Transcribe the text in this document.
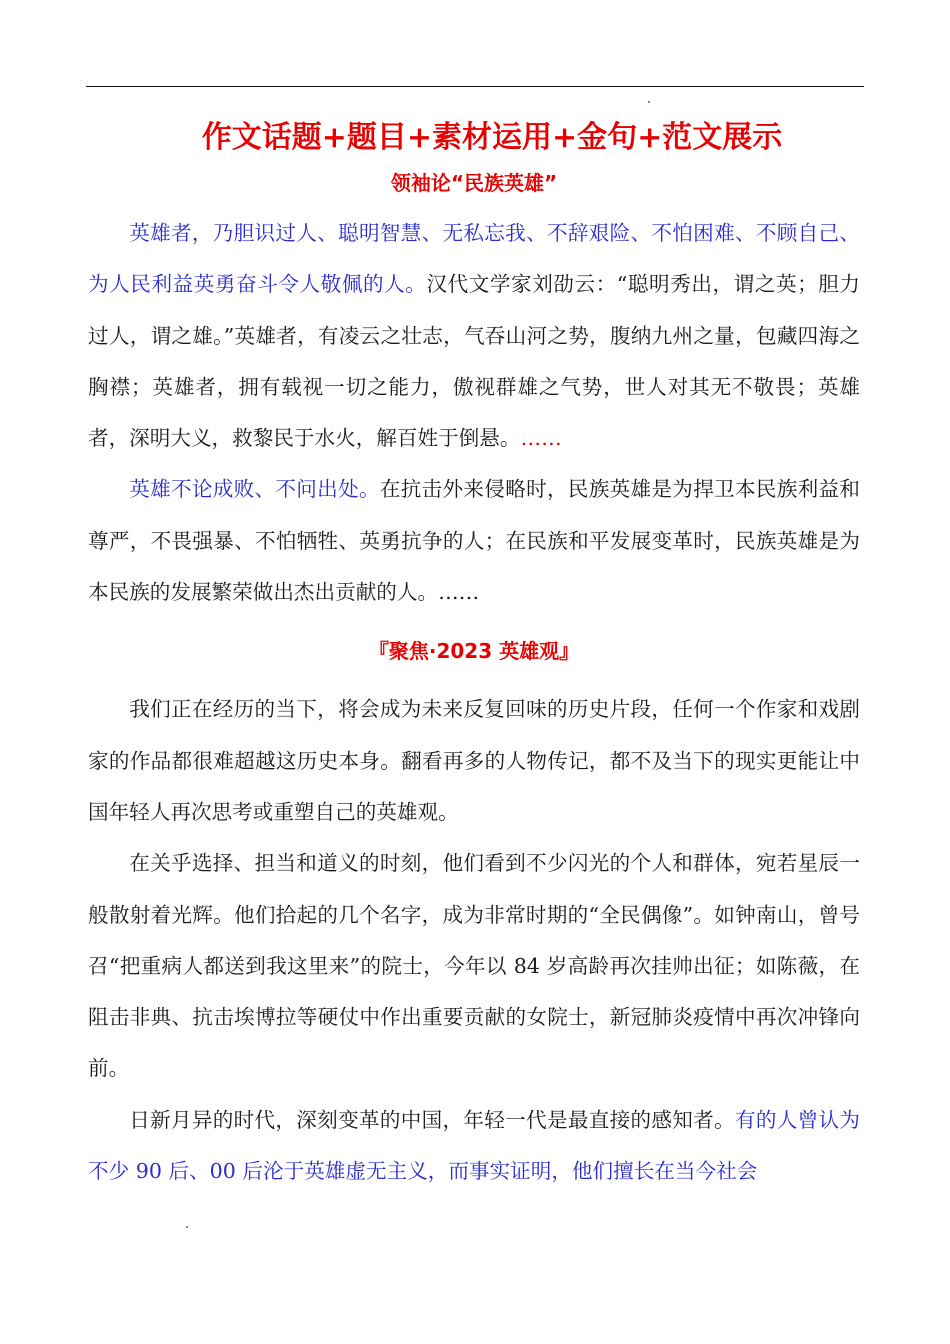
作文话题+题目+素材运用+金句+范文展示
领袖论“民族英雄”

英雄者，乃胆识过人、聪明智慧、无私忘我、不辞艰险、不怕困难、不顾自己、为人民利益英勇奋斗令人敬佩的人。汉代文学家刘劭云：“聪明秀出，谓之英；胆力过人，谓之雄。”英雄者，有凌云之壮志，气吞山河之势，腹纳九州之量，包藏四海之胸襟；英雄者，拥有载视一切之能力，傲视群雄之气势，世人对其无不敬畏；英雄者，深明大义，救黎民于水火，解百姓于倒悬。……

英雄不论成败、不问出处。在抗击外来侵略时，民族英雄是为捍卫本民族利益和尊严，不畏强暴、不怕牺牲、英勇抗争的人；在民族和平发展变革时，民族英雄是为本民族的发展繁荣做出杰出贡献的人。……

『聚焦·2023 英雄观』

我们正在经历的当下，将会成为未来反复回味的历史片段，任何一个作家和戏剧家的作品都很难超越这历史本身。翻看再多的人物传记，都不及当下的现实更能让中国年轻人再次思考或重塑自己的英雄观。

在关乎选择、担当和道义的时刻，他们看到不少闪光的个人和群体，宛若星辰一般散射着光辉。他们拾起的几个名字，成为非常时期的“全民偶像”。如钟南山，曾号召“把重病人都送到我这里来”的院士，今年以 84 岁高龄再次挂帅出征；如陈薇，在阻击非典、抗击埃博拉等硬仗中作出重要贡献的女院士，新冠肺炎疫情中再次冲锋向前。

日新月异的时代，深刻变革的中国，年轻一代是最直接的感知者。有的人曾认为不少 90 后、00 后沦于英雄虚无主义，而事实证明，他们擅长在当今社会
